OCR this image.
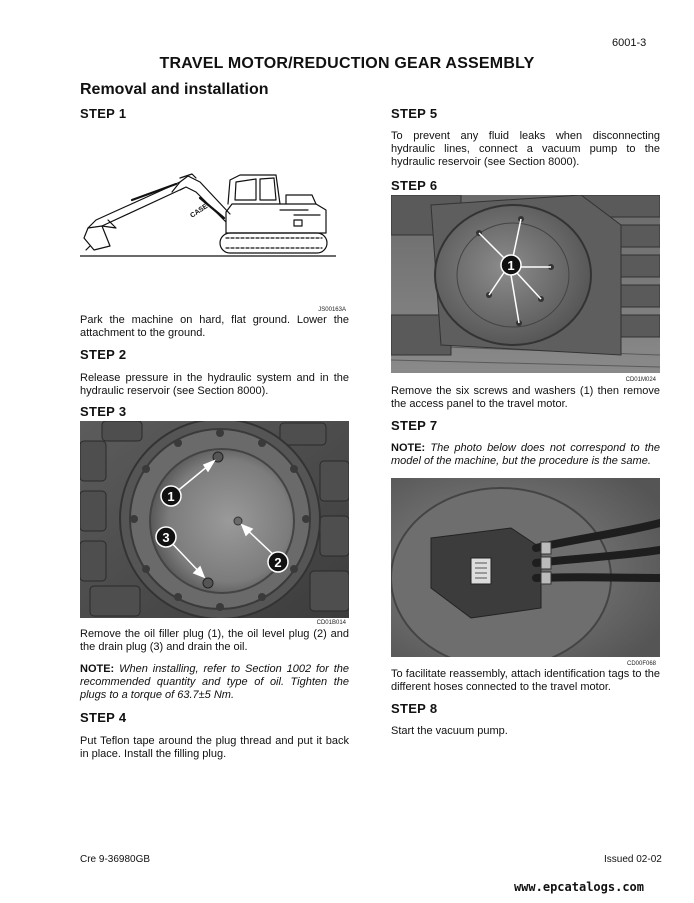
6001-3
TRAVEL MOTOR/REDUCTION GEAR ASSEMBLY
Removal and installation
STEP 1
CASE
JS00163A
Park the machine on hard, flat ground. Lower the attachment to the ground.
STEP 2
Release pressure in the hydraulic system and in the hydraulic reservoir (see Section 8000).
STEP 3
1
2
3
CD01B014
Remove the oil filler plug (1), the oil level plug (2) and the drain plug (3) and drain the oil.
NOTE: When installing, refer to Section 1002 for the recommended quantity and type of oil. Tighten the plugs to a torque of 63.7±5 Nm.
STEP 4
Put Teflon tape around the plug thread and put it back in place. Install the filling plug.
STEP 5
To prevent any fluid leaks when disconnecting hydraulic lines, connect a vacuum pump to the hydraulic reservoir (see Section 8000).
STEP 6
1
CD01M024
Remove the six screws and washers (1) then remove the access panel to the travel motor.
STEP 7
NOTE: The photo below does not correspond to the model of the machine, but the procedure is the same.
CD00F068
To facilitate reassembly, attach identification tags to the different hoses connected to the travel motor.
STEP 8
Start the vacuum pump.
Cre 9-36980GB	Issued 02-02
www.epcatalogs.com
